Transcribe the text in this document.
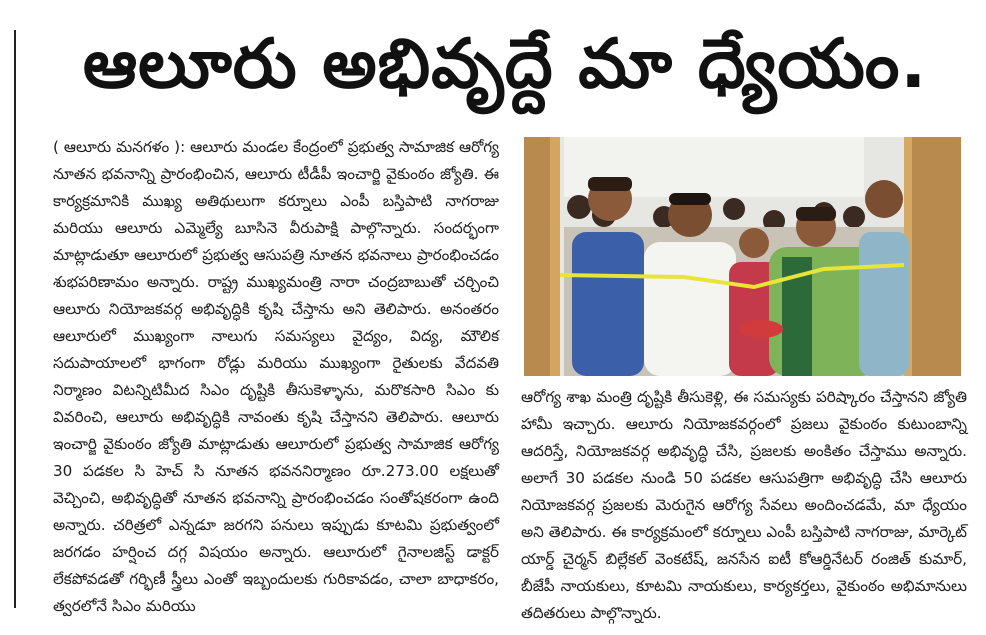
ఆలూరు అభివృద్దే మా ధ్యేయం.

( ఆలూరు మనగళం ): ఆలూరు మండల కేంద్రంలో ప్రభుత్వ సామాజిక ఆరోగ్య నూతన భవనాన్ని ప్రారంభించిన, ఆలూరు టీడీపీ ఇంచార్జి వైకుంఠం జ్యోతి. ఈ కార్యక్రమానికి ముఖ్య అతిథులుగా కర్నూలు ఎంపీ బస్తిపాటి నాగరాజు మరియు ఆలూరు ఎమ్మెల్యే బూసినె వీరుపాక్షి పాల్గొన్నారు. సందర్భంగా మాట్లాడుతూ ఆలూరులో ప్రభుత్వ ఆసుపత్రి నూతన భవనాలు ప్రారంభించడం శుభపరిణామం అన్నారు. రాష్ట్ర ముఖ్యమంత్రి నారా చంద్రబాబుతో చర్చించి ఆలూరు నియోజకవర్గ అభివృద్ధికి కృషి చేస్తాను అని తెలిపారు. అనంతరం ఆలూరులో ముఖ్యంగా నాలుగు సమస్యలు వైద్యం, విద్య, మౌలిక సదుపాయాలలో భాగంగా రోడ్లు మరియు ముఖ్యంగా రైతులకు వేదవతి నిర్మాణం విటన్నిటిమీద సిఎం దృష్టికి తీసుకెళ్ళాను, మరొకసారి సిఎం కు వివరించి, ఆలూరు అభివృద్ధికి నావంతు కృషి చేస్తానని తెలిపారు. ఆలూరు ఇంచార్జి వైకుంఠం జ్యోతి మాట్లాడుతు ఆలూరులో ప్రభుత్వ సామాజిక ఆరోగ్య 30 పడకల సి హెచ్ సి నూతన భవననిర్మాణం రూ.273.00 లక్షలుతో వెచ్చించి, అభివృద్ధితో నూతన భవనాన్ని ప్రారంభించడం సంతోషకరంగా ఉంది అన్నారు. చరిత్రలో ఎన్నడూ జరగని పనులు ఇప్పుడు కూటమి ప్రభుత్వంలో జరగడం హర్షించ దగ్గ విషయం అన్నారు. ఆలూరులో గైనాలజిస్ట్ డాక్టర్ లేకపోవడతో గర్భిణీ స్త్రీలు ఎంతో ఇబ్బందులకు గురికావడం, చాలా బాధాకరం, త్వరలోనే సిఎం మరియు

ఆరోగ్య శాఖ మంత్రి దృష్టికి తీసుకెళ్లి, ఈ సమస్యకు పరిష్కారం చేస్తానని జ్యోతి హామీ ఇచ్చారు. ఆలూరు నియోజకవర్గంలో ప్రజలు వైకుంఠం కుటుంబాన్ని ఆదరిస్తే, నియోజకవర్గ అభివృద్ధి చేసి, ప్రజలకు అంకితం చేస్తాము అన్నారు. అలాగే 30 పడకల నుండి 50 పడకల ఆసుపత్రిగా అభివృద్ధి చేసి ఆలూరు నియోజకవర్గ ప్రజలకు మెరుగైన ఆరోగ్య సేవలు అందించడమే, మా ధ్యేయం అని తెలిపారు. ఈ కార్యక్రమంలో కర్నూలు ఎంపీ బస్తిపాటి నాగరాజు, మార్కెట్ యార్డ్ చైర్మన్ బిల్లేకల్ వెంకటేష్, జనసేన ఐటీ కోఆర్డినేటర్ రంజిత్ కుమార్, బీజేపీ నాయకులు, కూటమి నాయకులు, కార్యకర్తలు, వైకుంఠం అభిమానులు తదితరులు పాల్గొన్నారు.
